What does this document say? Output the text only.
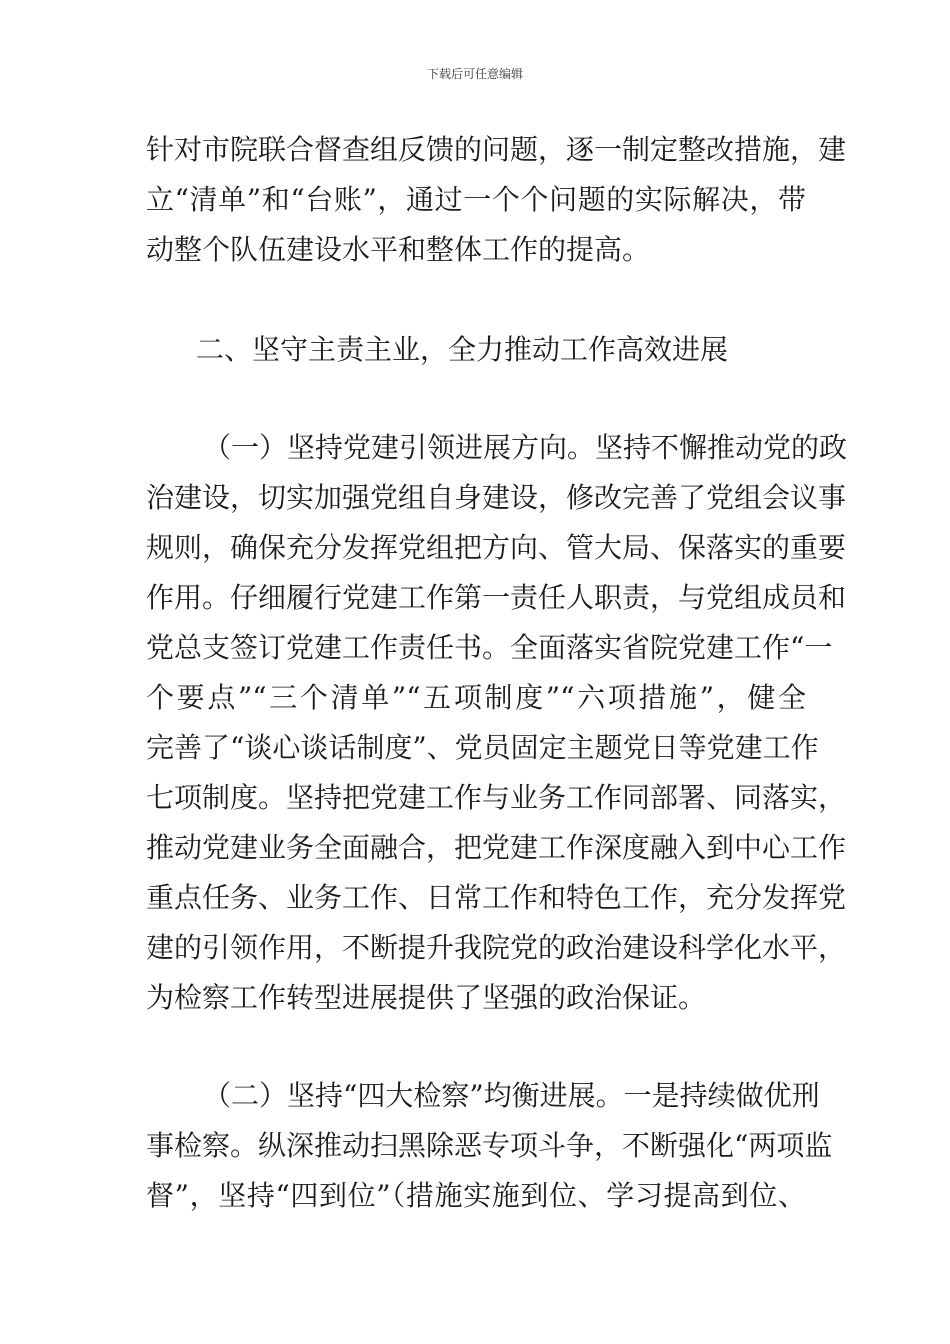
下载后可任意编辑
针对市院联合督查组反馈的问题，逐一制定整改措施，建
立“清单”和“台账”，通过一个个问题的实际解决，带
动整个队伍建设水平和整体工作的提高。
二、坚守主责主业，全力推动工作高效进展
（一）坚持党建引领进展方向。坚持不懈推动党的政
治建设，切实加强党组自身建设，修改完善了党组会议事
规则，确保充分发挥党组把方向、管大局、保落实的重要
作用。仔细履行党建工作第一责任人职责，与党组成员和
党总支签订党建工作责任书。全面落实省院党建工作“一
个要点”“三个清单”“五项制度”“六项措施”，健全
完善了“谈心谈话制度”、党员固定主题党日等党建工作
七项制度。坚持把党建工作与业务工作同部署、同落实，
推动党建业务全面融合，把党建工作深度融入到中心工作
重点任务、业务工作、日常工作和特色工作，充分发挥党
建的引领作用，不断提升我院党的政治建设科学化水平，
为检察工作转型进展提供了坚强的政治保证。
（二）坚持“四大检察”均衡进展。一是持续做优刑
事检察。纵深推动扫黑除恶专项斗争，不断强化“两项监
督”，坚持“四到位”（措施实施到位、学习提高到位、
